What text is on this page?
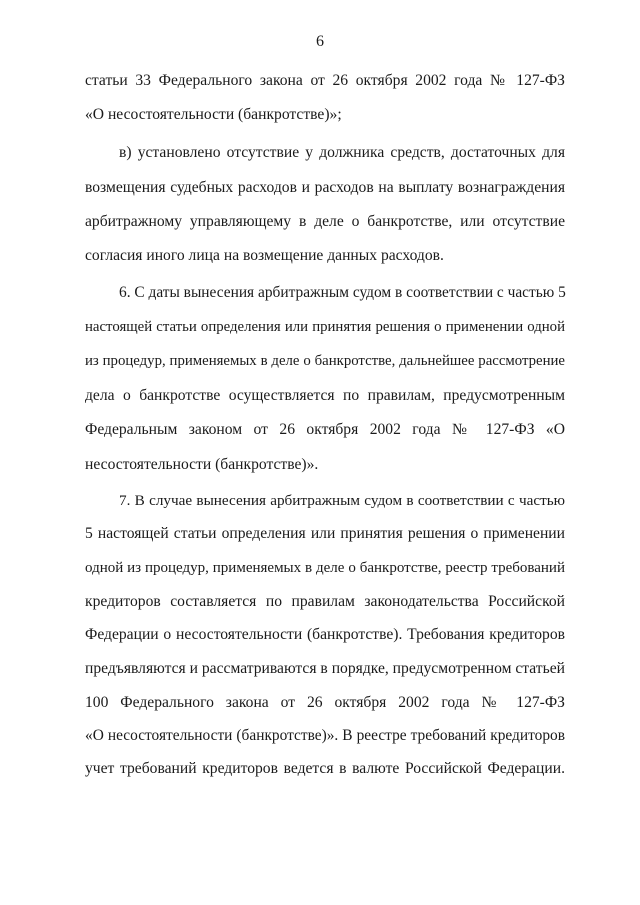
6
статьи 33 Федерального закона от 26 октября 2002 года № 127-ФЗ
«О несостоятельности (банкротстве)»;
в) установлено отсутствие у должника средств, достаточных для
возмещения судебных расходов и расходов на выплату вознаграждения
арбитражному управляющему в деле о банкротстве, или отсутствие
согласия иного лица на возмещение данных расходов.
6. С даты вынесения арбитражным судом в соответствии с частью 5
настоящей статьи определения или принятия решения о применении одной
из процедур, применяемых в деле о банкротстве, дальнейшее рассмотрение
дела о банкротстве осуществляется по правилам, предусмотренным
Федеральным законом от 26 октября 2002 года № 127-ФЗ «О
несостоятельности (банкротстве)».
7. В случае вынесения арбитражным судом в соответствии с частью
5 настоящей статьи определения или принятия решения о применении
одной из процедур, применяемых в деле о банкротстве, реестр требований
кредиторов составляется по правилам законодательства Российской
Федерации о несостоятельности (банкротстве). Требования кредиторов
предъявляются и рассматриваются в порядке, предусмотренном статьей
100 Федерального закона от 26 октября 2002 года № 127-ФЗ
«О несостоятельности (банкротстве)». В реестре требований кредиторов
учет требований кредиторов ведется в валюте Российской Федерации.
